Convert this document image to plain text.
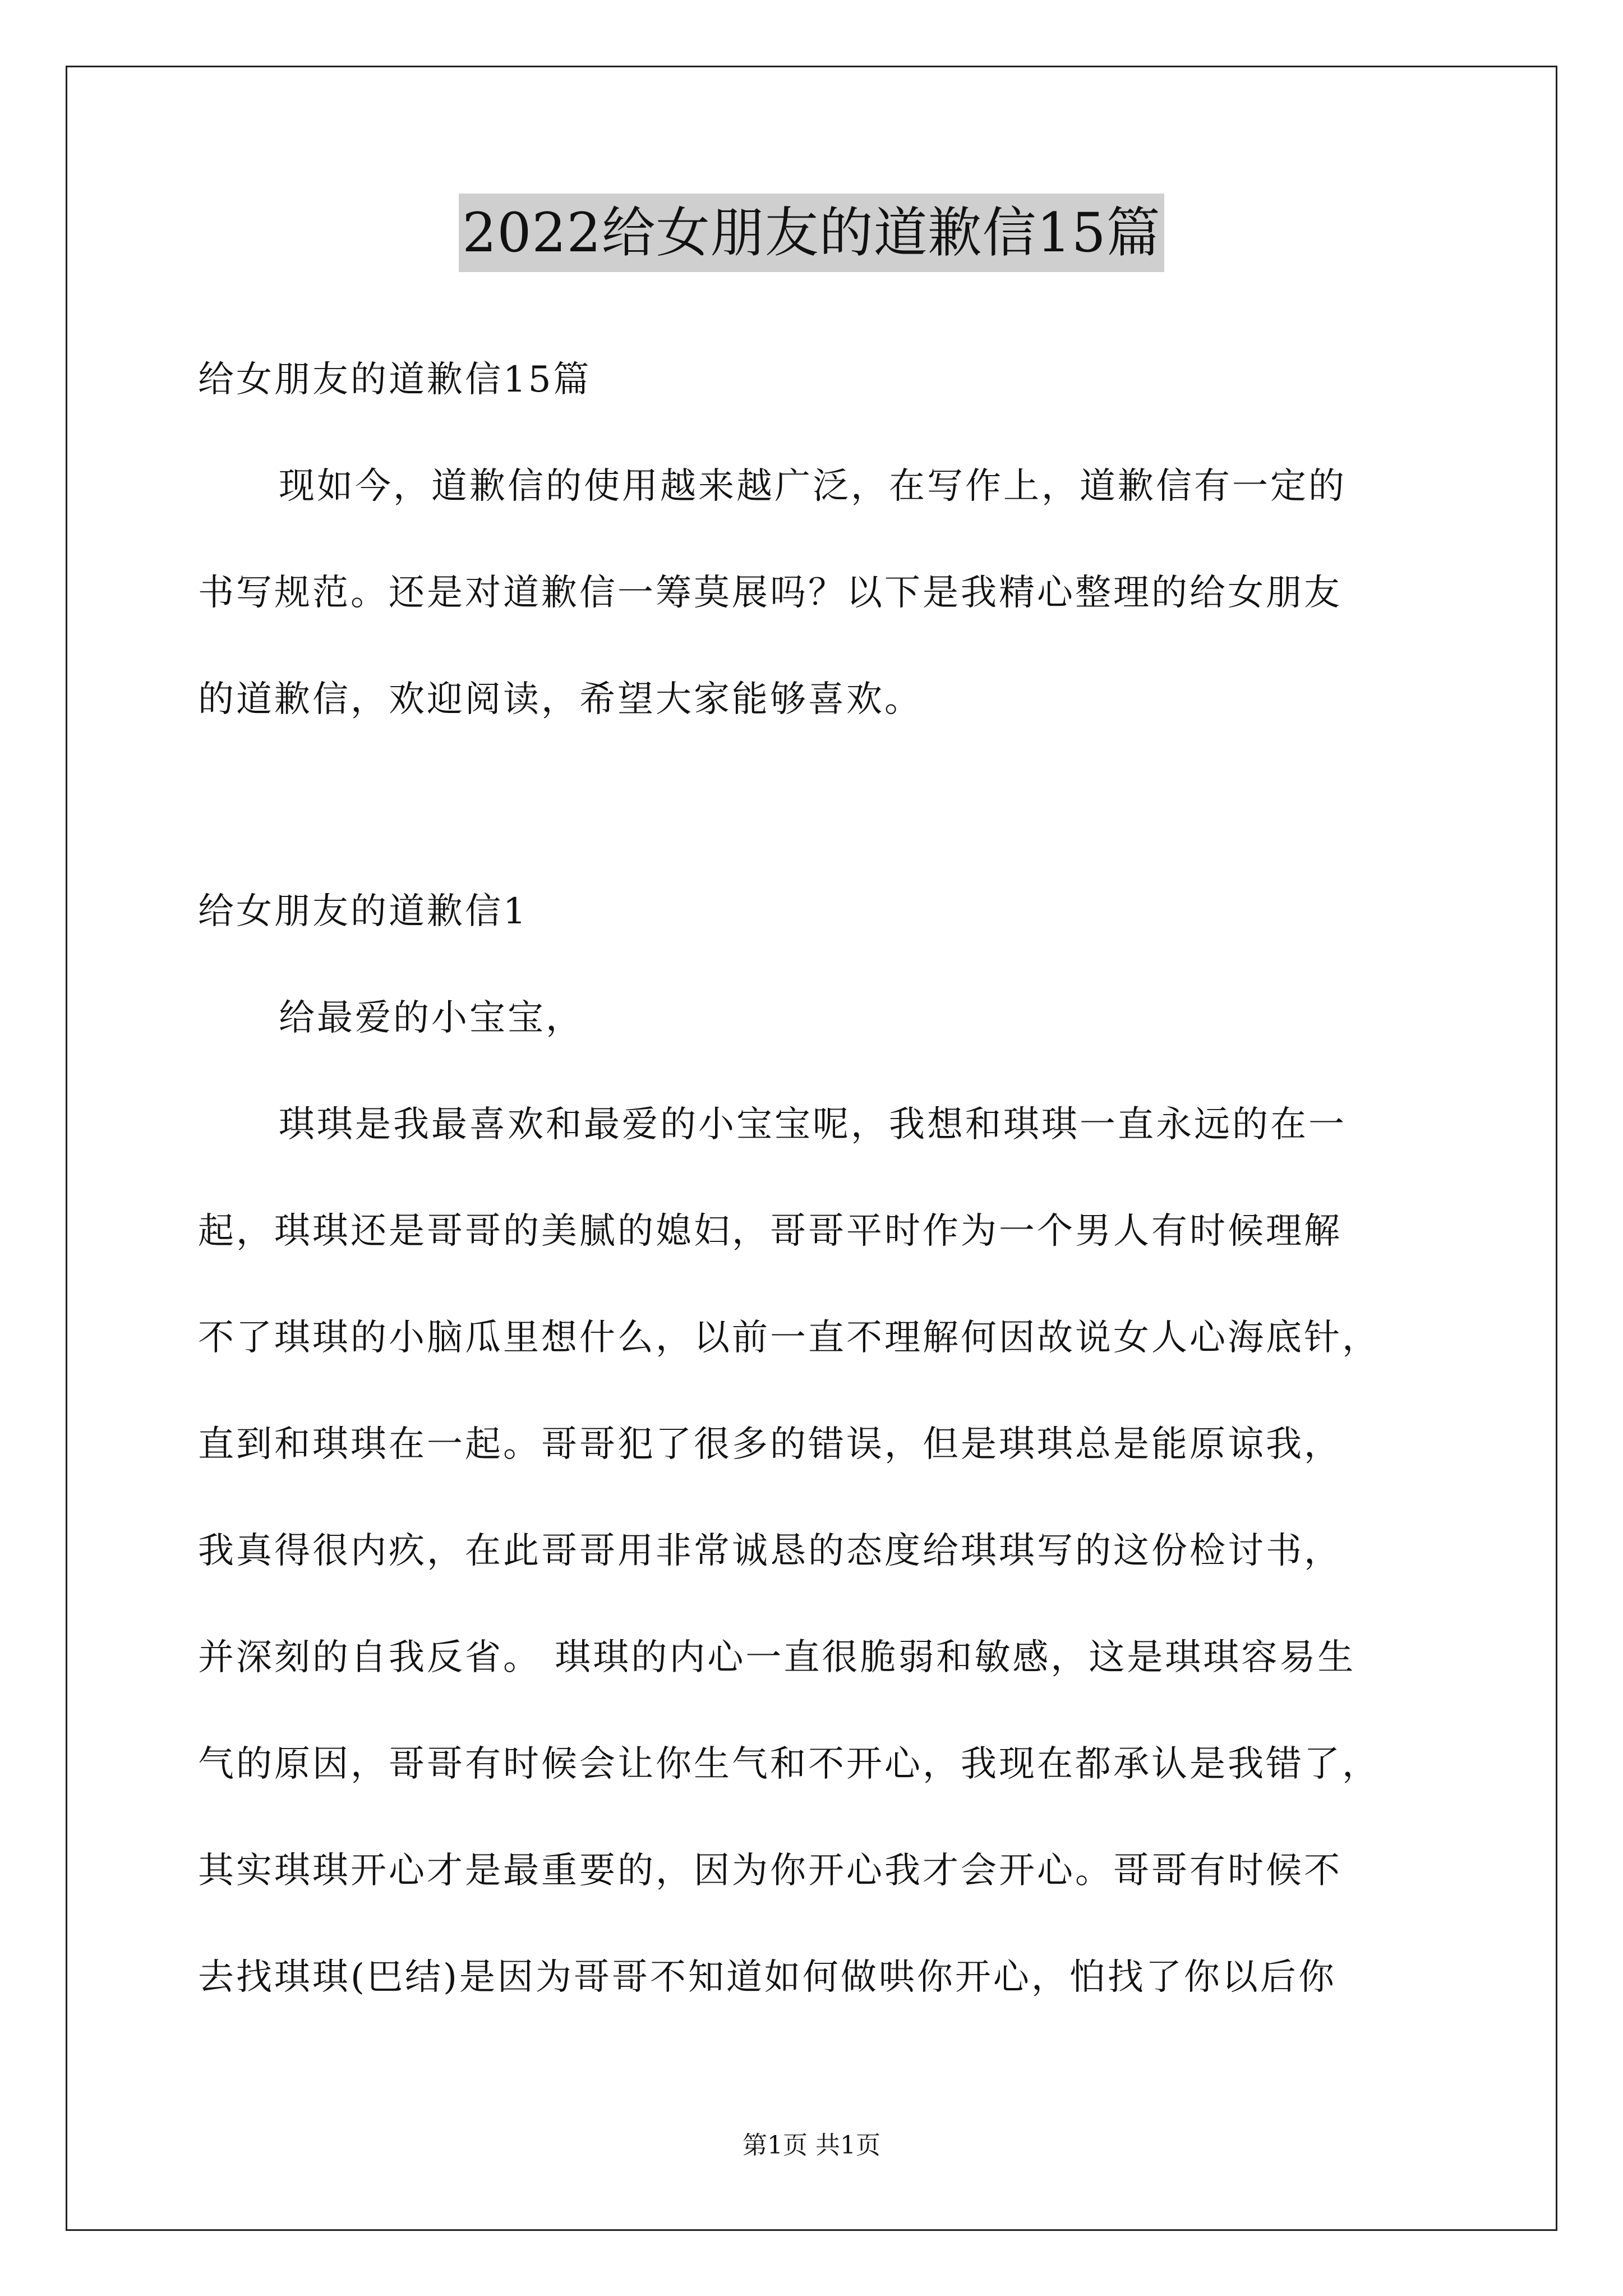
2022给女朋友的道歉信15篇
给女朋友的道歉信15篇
现如今，道歉信的使用越来越广泛，在写作上，道歉信有一定的
书写规范。还是对道歉信一筹莫展吗？以下是我精心整理的给女朋友
的道歉信，欢迎阅读，希望大家能够喜欢。
给女朋友的道歉信1
给最爱的小宝宝，
琪琪是我最喜欢和最爱的小宝宝呢，我想和琪琪一直永远的在一
起，琪琪还是哥哥的美腻的媳妇，哥哥平时作为一个男人有时候理解
不了琪琪的小脑瓜里想什么，以前一直不理解何因故说女人心海底针，
直到和琪琪在一起。哥哥犯了很多的错误，但是琪琪总是能原谅我，
我真得很内疚，在此哥哥用非常诚恳的态度给琪琪写的这份检讨书，
并深刻的自我反省。 琪琪的内心一直很脆弱和敏感，这是琪琪容易生
气的原因，哥哥有时候会让你生气和不开心，我现在都承认是我错了，
其实琪琪开心才是最重要的，因为你开心我才会开心。哥哥有时候不
去找琪琪(巴结)是因为哥哥不知道如何做哄你开心，怕找了你以后你
第1页 共1页
